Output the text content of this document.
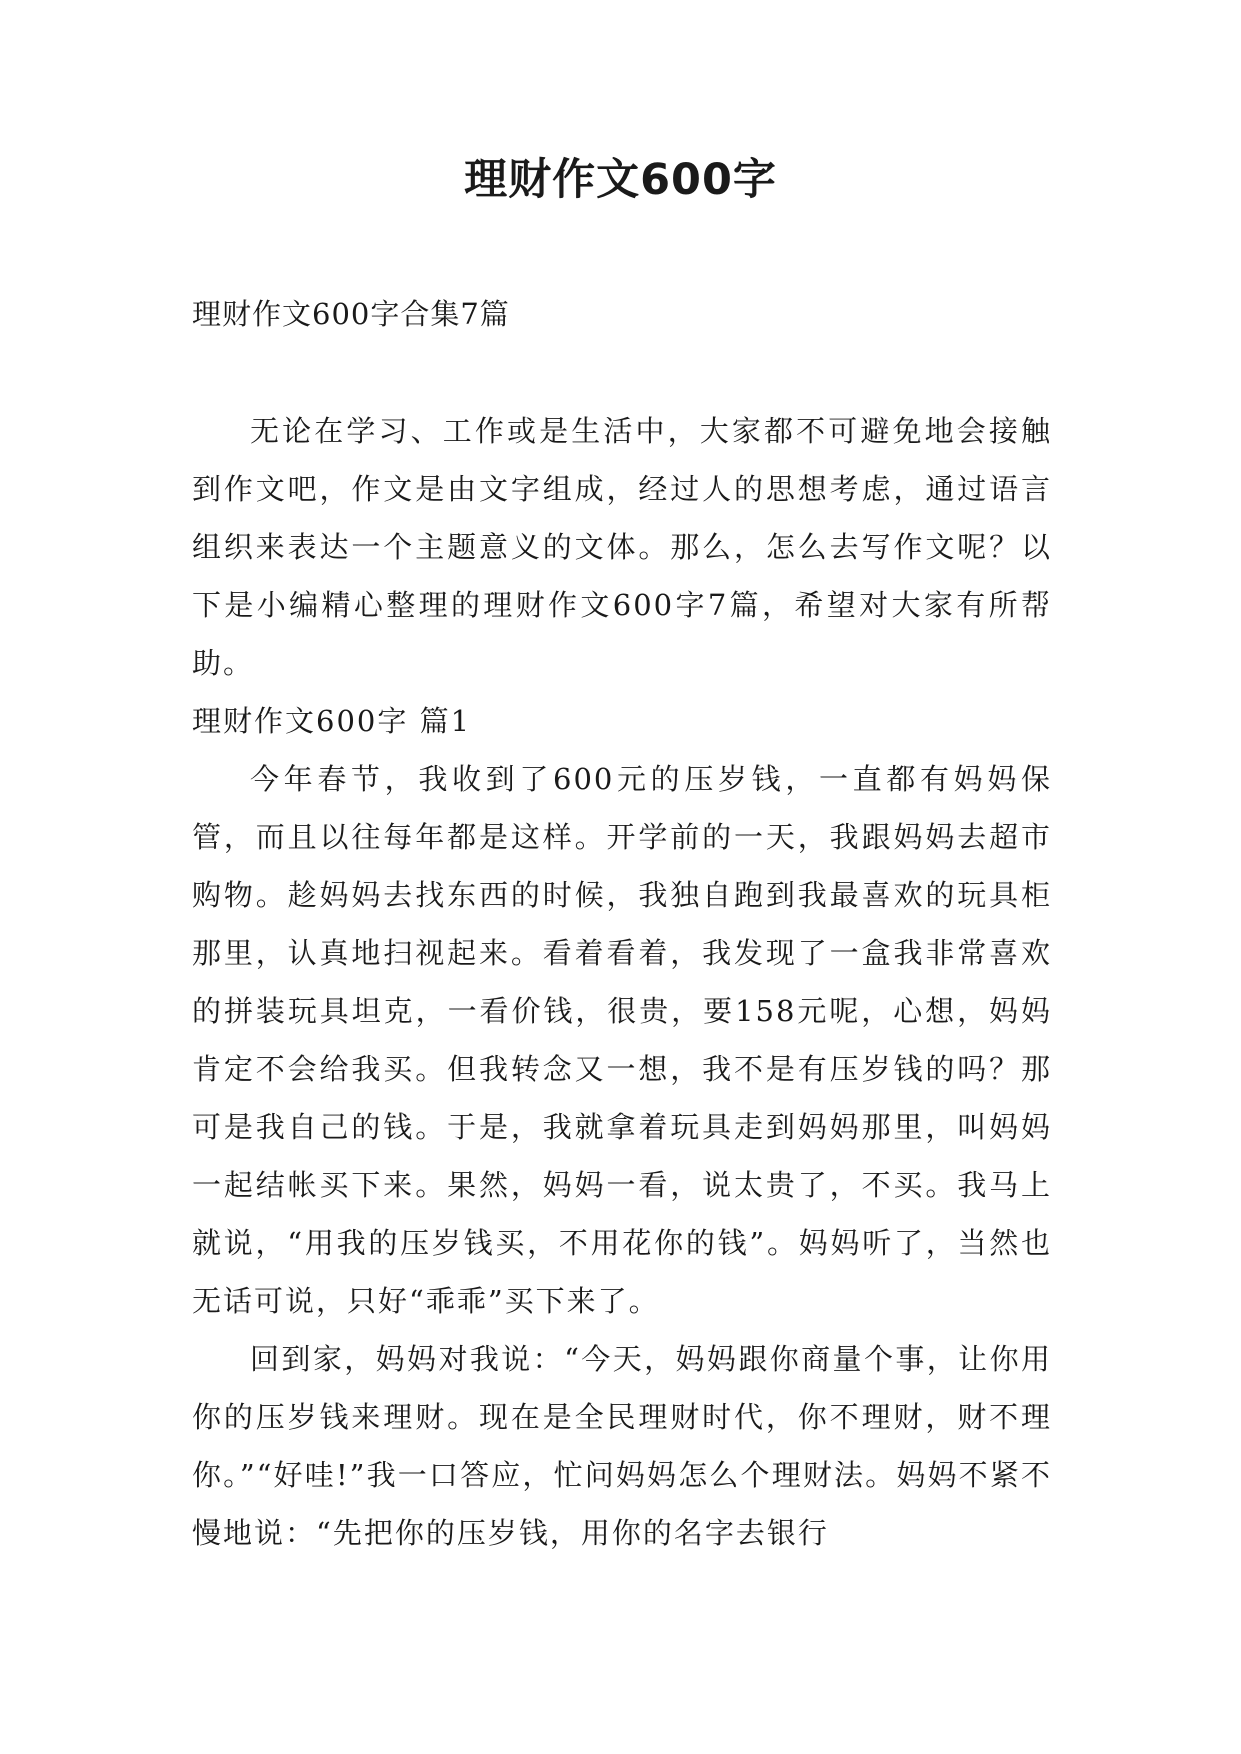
理财作文600字
理财作文600字合集7篇

无论在学习、工作或是生活中，大家都不可避免地会接触到作文吧，作文是由文字组成，经过人的思想考虑，通过语言组织来表达一个主题意义的文体。那么，怎么去写作文呢？以下是小编精心整理的理财作文600字7篇，希望对大家有所帮助。

理财作文600字 篇1

今年春节，我收到了600元的压岁钱，一直都有妈妈保管，而且以往每年都是这样。开学前的一天，我跟妈妈去超市购物。趁妈妈去找东西的时候，我独自跑到我最喜欢的玩具柜那里，认真地扫视起来。看着看着，我发现了一盒我非常喜欢的拼装玩具坦克，一看价钱，很贵，要158元呢，心想，妈妈肯定不会给我买。但我转念又一想，我不是有压岁钱的吗？那可是我自己的钱。于是，我就拿着玩具走到妈妈那里，叫妈妈一起结帐买下来。果然，妈妈一看，说太贵了，不买。我马上就说，“用我的压岁钱买，不用花你的钱”。妈妈听了，当然也无话可说，只好“乖乖”买下来了。

回到家，妈妈对我说：“今天，妈妈跟你商量个事，让你用你的压岁钱来理财。现在是全民理财时代，你不理财，财不理你。”“好哇!”我一口答应，忙问妈妈怎么个理财法。妈妈不紧不慢地说：“先把你的压岁钱，用你的名字去银行
